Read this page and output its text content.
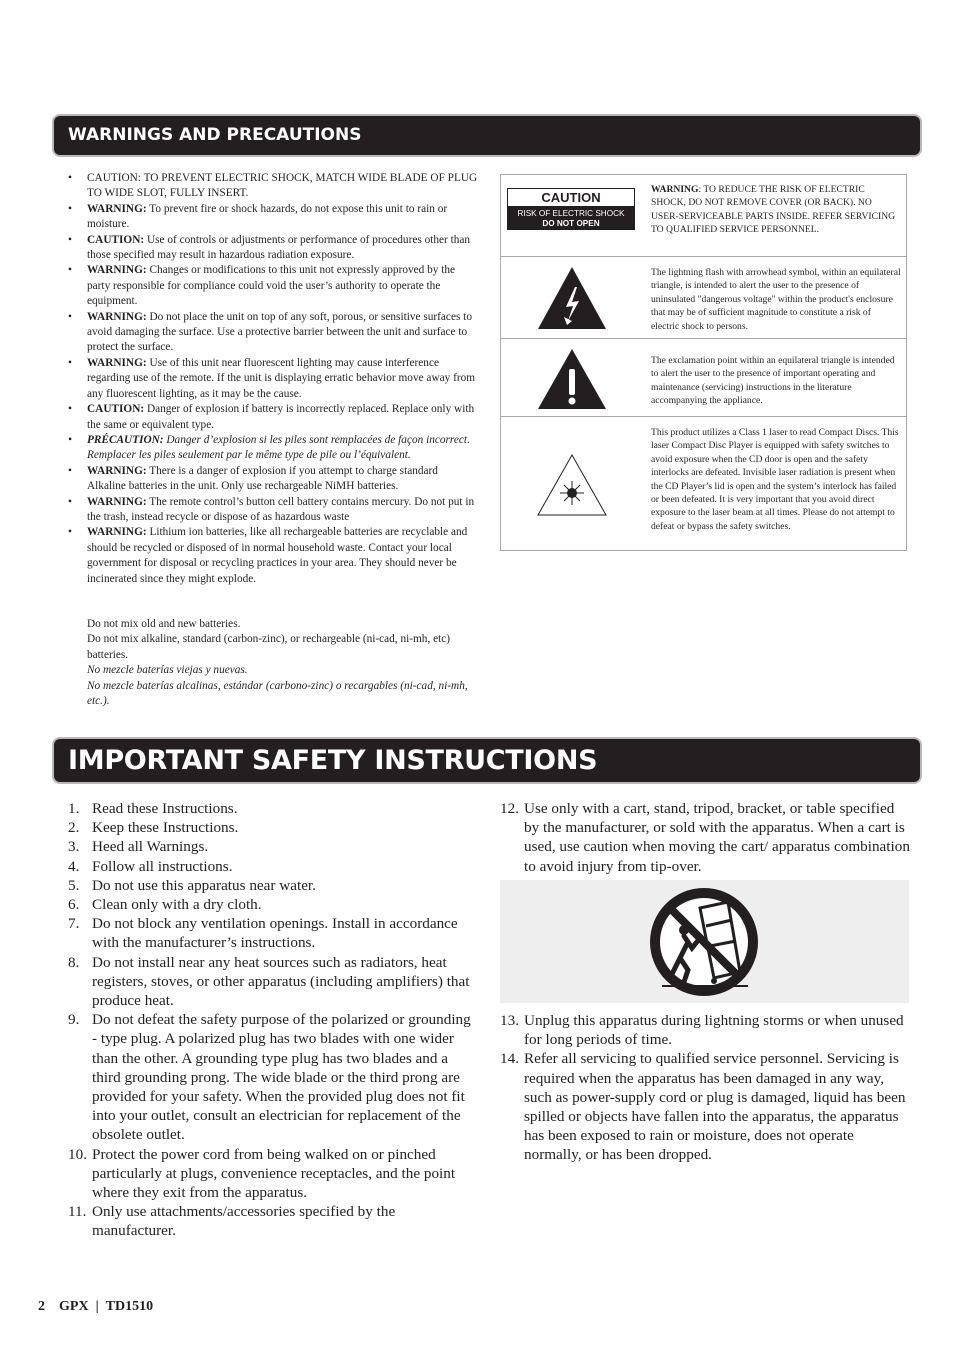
WARNINGS AND PRECAUTIONS
• CAUTION: TO PREVENT ELECTRIC SHOCK, MATCH WIDE BLADE OF PLUG TO WIDE SLOT, FULLY INSERT.
• WARNING: To prevent fire or shock hazards, do not expose this unit to rain or moisture.
• CAUTION: Use of controls or adjustments or performance of procedures other than those specified may result in hazardous radiation exposure.
• WARNING: Changes or modifications to this unit not expressly approved by the party responsible for compliance could void the user’s authority to operate the equipment.
• WARNING: Do not place the unit on top of any soft, porous, or sensitive surfaces to avoid damaging the surface. Use a protective barrier between the unit and surface to protect the surface.
• WARNING: Use of this unit near fluorescent lighting may cause interference regarding use of the remote. If the unit is displaying erratic behavior move away from any fluorescent lighting, as it may be the cause.
• CAUTION: Danger of explosion if battery is incorrectly replaced. Replace only with the same or equivalent type.
• PRÉCAUTION: Danger d’explosion si les piles sont remplacées de façon incorrect. Remplacer les piles seulement par le même type de pile ou l’équivalent.
• WARNING: There is a danger of explosion if you attempt to charge standard Alkaline batteries in the unit. Only use rechargeable NiMH batteries.
• WARNING: The remote control’s button cell battery contains mercury. Do not put in the trash, instead recycle or dispose of as hazardous waste
• WARNING: Lithium ion batteries, like all rechargeable batteries are recyclable and should be recycled or disposed of in normal household waste. Contact your local government for disposal or recycling practices in your area. They should never be incinerated since they might explode.

Do not mix old and new batteries.

Do not mix alkaline, standard (carbon-zinc), or rechargeable (ni-cad, ni-mh, etc) batteries.

No mezcle baterías viejas y nuevas.

No mezcle baterías alcalinas, estándar (carbono-zinc) o recargables (ni-cad, ni-mh, etc.).

CAUTION
RISK OF ELECTRIC SHOCK
DO NOT OPEN
WARNING: TO REDUCE THE RISK OF ELECTRIC SHOCK, DO NOT REMOVE COVER (OR BACK). NO USER-SERVICEABLE PARTS INSIDE. REFER SERVICING TO QUALIFIED SERVICE PERSONNEL.
The lightning flash with arrowhead symbol, within an equilateral triangle, is intended to alert the user to the presence of uninsulated "dangerous voltage" within the product's enclosure that may be of sufficient magnitude to constitute a risk of electric shock to persons.
The exclamation point within an equilateral triangle is intended to alert the user to the presence of important operating and maintenance (servicing) instructions in the literature accompanying the appliance.
This product utilizes a Class 1 laser to read Compact Discs. This laser Compact Disc Player is equipped with safety switches to avoid exposure when the CD door is open and the safety interlocks are defeated. Invisible laser radiation is present when the CD Player’s lid is open and the system’s interlock has failed or been defeated. It is very important that you avoid direct exposure to the laser beam at all times. Please do not attempt to defeat or bypass the safety switches.
IMPORTANT SAFETY INSTRUCTIONS
1. Read these Instructions.
2. Keep these Instructions.
3. Heed all Warnings.
4. Follow all instructions.
5. Do not use this apparatus near water.
6. Clean only with a dry cloth.
7. Do not block any ventilation openings. Install in accordance with the manufacturer’s instructions.
8. Do not install near any heat sources such as radiators, heat registers, stoves, or other apparatus (including amplifiers) that produce heat.
9. Do not defeat the safety purpose of the polarized or grounding - type plug. A polarized plug has two blades with one wider than the other. A grounding type plug has two blades and a third grounding prong. The wide blade or the third prong are provided for your safety. When the provided plug does not fit into your outlet, consult an electrician for replacement of the obsolete outlet.
10. Protect the power cord from being walked on or pinched particularly at plugs, convenience receptacles, and the point where they exit from the apparatus.
11. Only use attachments/accessories specified by the manufacturer.
12. Use only with a cart, stand, tripod, bracket, or table specified by the manufacturer, or sold with the apparatus. When a cart is used, use caution when moving the cart/ apparatus combination to avoid injury from tip-over.
13. Unplug this apparatus during lightning storms or when unused for long periods of time.
14. Refer all servicing to qualified service personnel. Servicing is required when the apparatus has been damaged in any way, such as power-supply cord or plug is damaged, liquid has been spilled or objects have fallen into the apparatus, the apparatus has been exposed to rain or moisture, does not operate normally, or has been dropped.
2 GPX | TD1510
